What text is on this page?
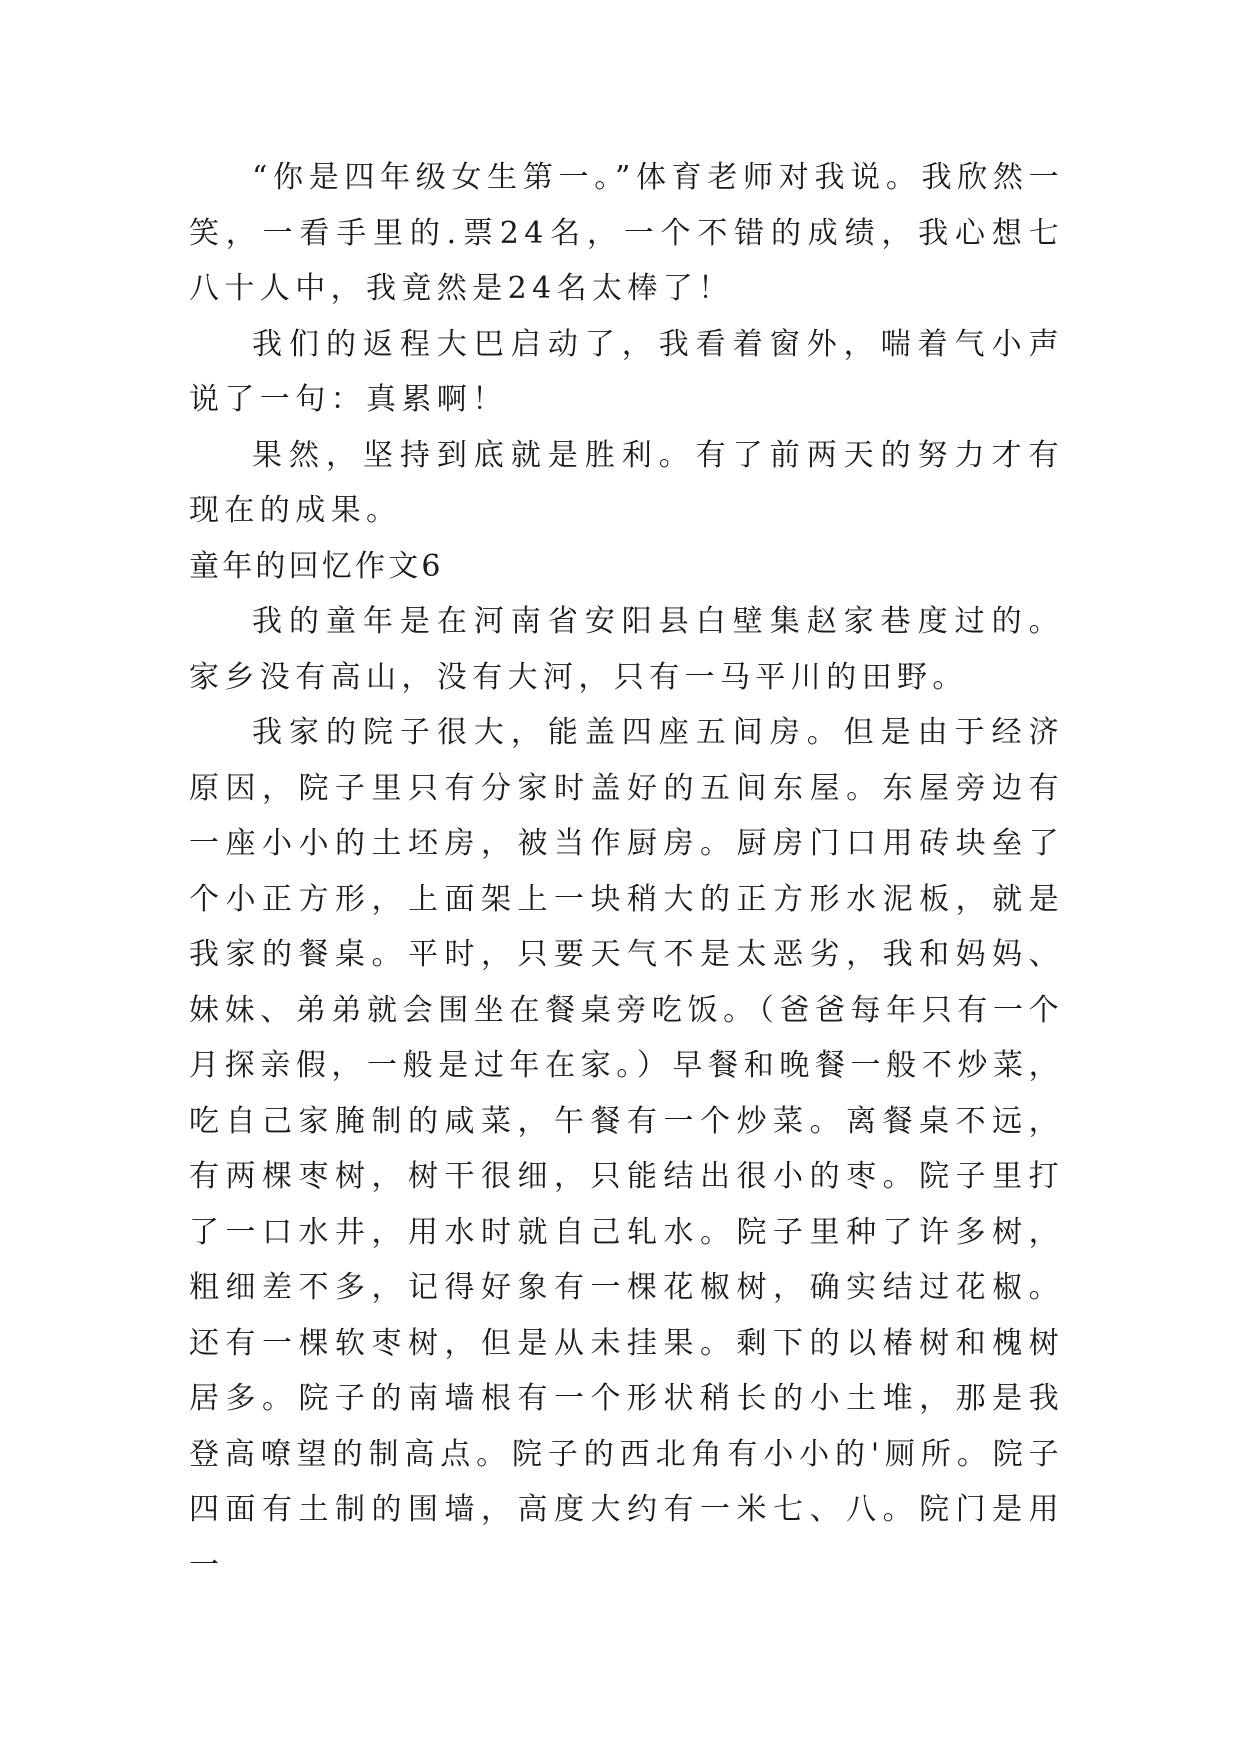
“你是四年级女生第一。”体育老师对我说。我欣然一笑，一看手里的.票24名，一个不错的成绩，我心想七八十人中，我竟然是24名太棒了！

我们的返程大巴启动了，我看着窗外，喘着气小声说了一句：真累啊！

果然，坚持到底就是胜利。有了前两天的努力才有现在的成果。

童年的回忆作文6

我的童年是在河南省安阳县白壁集赵家巷度过的。家乡没有高山，没有大河，只有一马平川的田野。

我家的院子很大，能盖四座五间房。但是由于经济原因，院子里只有分家时盖好的五间东屋。东屋旁边有一座小小的土坯房，被当作厨房。厨房门口用砖块垒了个小正方形，上面架上一块稍大的正方形水泥板，就是我家的餐桌。平时，只要天气不是太恶劣，我和妈妈、妹妹、弟弟就会围坐在餐桌旁吃饭。（爸爸每年只有一个月探亲假，一般是过年在家。）早餐和晚餐一般不炒菜，吃自己家腌制的咸菜，午餐有一个炒菜。离餐桌不远，有两棵枣树，树干很细，只能结出很小的枣。院子里打了一口水井，用水时就自己轧水。院子里种了许多树，粗细差不多，记得好象有一棵花椒树，确实结过花椒。还有一棵软枣树，但是从未挂果。剩下的以椿树和槐树居多。院子的南墙根有一个形状稍长的小土堆，那是我登高嘹望的制高点。院子的西北角有小小的'厕所。院子四面有土制的围墙，高度大约有一米七、八。院门是用一
